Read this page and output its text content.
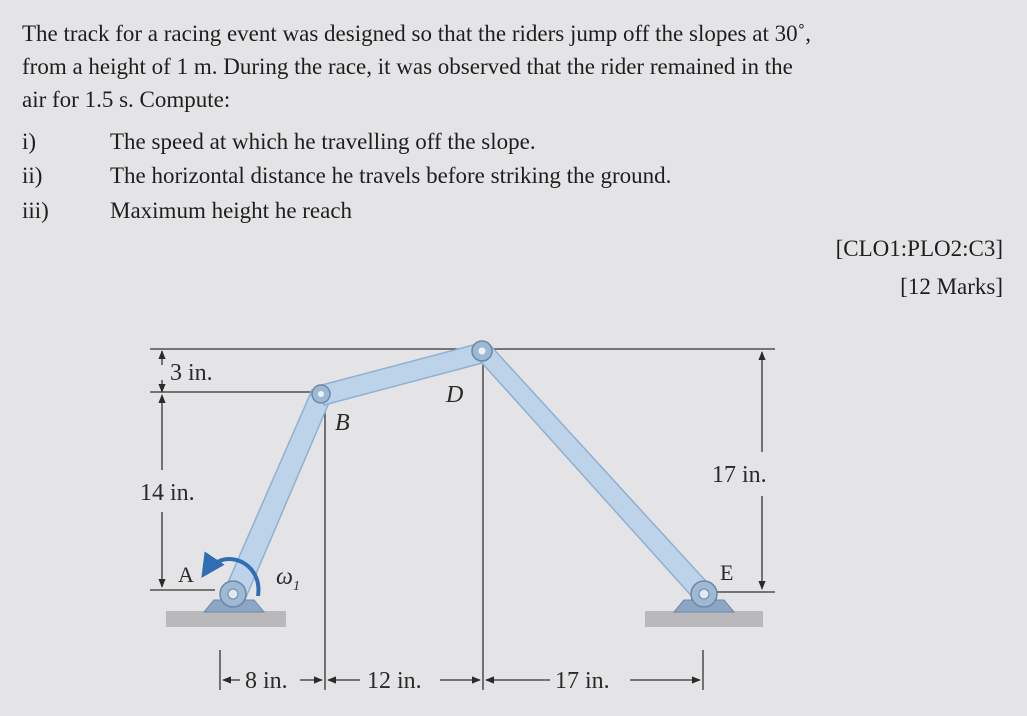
The track for a racing event was designed so that the riders jump off the slopes at 30˚,
from a height of 1 m. During the race, it was observed that the rider remained in the
air for 1.5 s. Compute:
i)	The speed at which he travelling off the slope.
ii)	The horizontal distance he travels before striking the ground.
iii)	Maximum height he reach
[CLO1:PLO2:C3]
[12 Marks]
3 in.
14 in.
17 in.
8 in.	12 in.	17 in.
A
B
D
E
$\omega_1$
